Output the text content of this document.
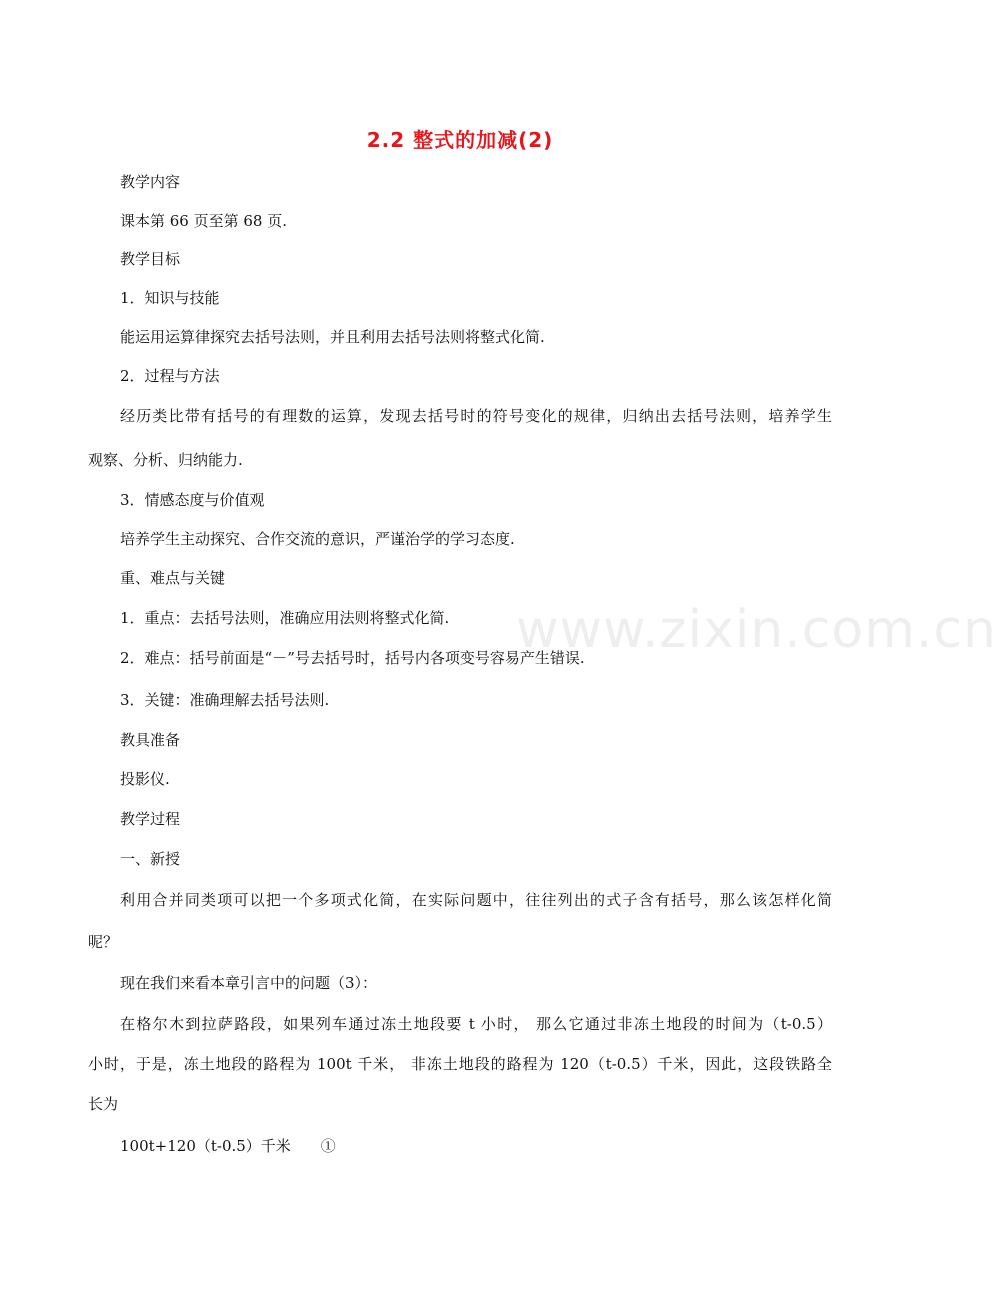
www.zixin.com.cn
2.2 整式的加减(2)
教学内容
课本第 66 页至第 68 页.
教学目标
1．知识与技能
能运用运算律探究去括号法则，并且利用去括号法则将整式化简.
2．过程与方法
经历类比带有括号的有理数的运算，发现去括号时的符号变化的规律，归纳出去括号法则，培养学生
观察、分析、归纳能力.
3．情感态度与价值观
培养学生主动探究、合作交流的意识，严谨治学的学习态度.
重、难点与关键
1．重点：去括号法则，准确应用法则将整式化简.
2．难点：括号前面是“－”号去括号时，括号内各项变号容易产生错误.
3．关键：准确理解去括号法则.
教具准备
投影仪.
教学过程
一、新授
利用合并同类项可以把一个多项式化简，在实际问题中，往往列出的式子含有括号，那么该怎样化简
呢？
现在我们来看本章引言中的问题（3）：
在格尔木到拉萨路段，如果列车通过冻土地段要 t 小时， 那么它通过非冻土地段的时间为（t-0.5）
小时，于是，冻土地段的路程为 100t 千米， 非冻土地段的路程为 120（t-0.5）千米，因此，这段铁路全
长为
100t+120（t-0.5）千米　　①
